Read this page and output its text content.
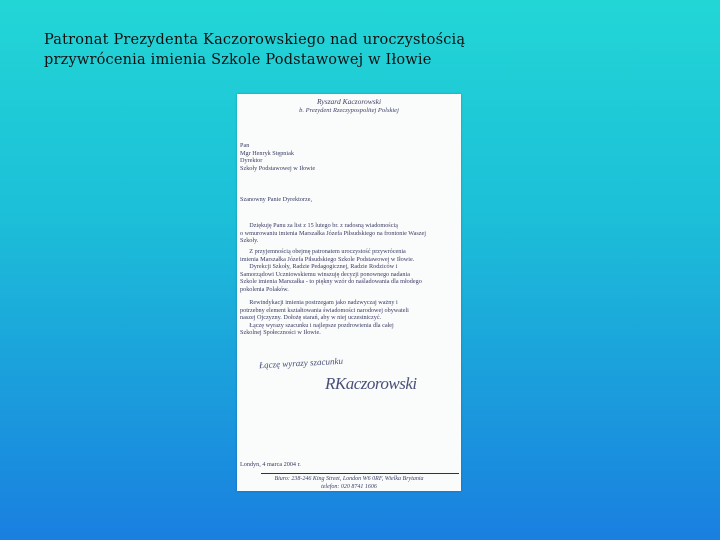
Patronat Prezydenta Kaczorowskiego nad uroczystością
przywrócenia imienia Szkole Podstawowej w Iłowie
Ryszard Kaczorowski
b. Prezydent Rzeczypospolitej Polskiej
Pan
Mgr Henryk Stępniak
Dyrektor
Szkoły Podstawowej w Iłowie
Szanowny Panie Dyrektorze,
Dziękuję Panu za list z 15 lutego br. z radosną wiadomością
o wmurowaniu imienia Marszałka Józefa Piłsudskiego na frontonie Waszej
Szkoły.
Z przyjemnością obejmę patronatem uroczystość przywrócenia
imienia Marszałka Józefa Piłsudskiego Szkole Podstawowej w Iłowie.
Dyrekcji Szkoły, Radzie Pedagogicznej, Radzie Rodziców i
Samorządowi Uczniowskiemu winszuję decyzji ponownego nadania
Szkole imienia Marszałka - to piękny wzór do naśladowania dla młodego
pokolenia Polaków.
Rewindykacji imienia postrzegam jako nadzwyczaj ważny i
potrzebny element kształtowania świadomości narodowej obywateli
naszej Ojczyzny. Dołożę starań, aby w niej uczestniczyć.
Łączę wyrazy szacunku i najlepsze pozdrowienia dla całej
Szkolnej Społeczności w Iłowie.
Łączę wyrazy szacunku
RKaczorowski
Londyn, 4 marca 2004 r.
Biuro: 238-246 King Street, London W6 0RF, Wielka Brytania
telefon: 020 8741 1606
